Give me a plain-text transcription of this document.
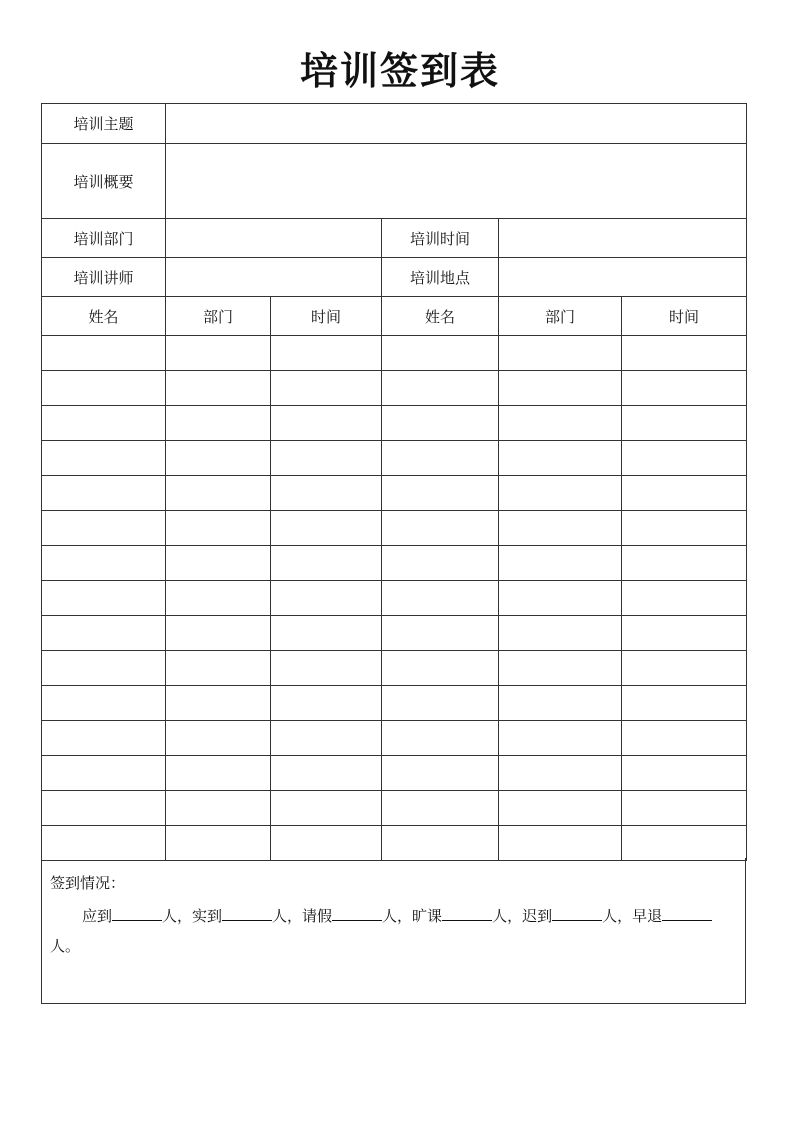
培训签到表
培训主题					
培训概要					
培训部门			培训时间		
培训讲师			培训地点		
姓名	部门	时间	姓名	部门	时间

签到情况：
应到	人，实到	人，请假	人，旷课	人，迟到	人，早退人。
